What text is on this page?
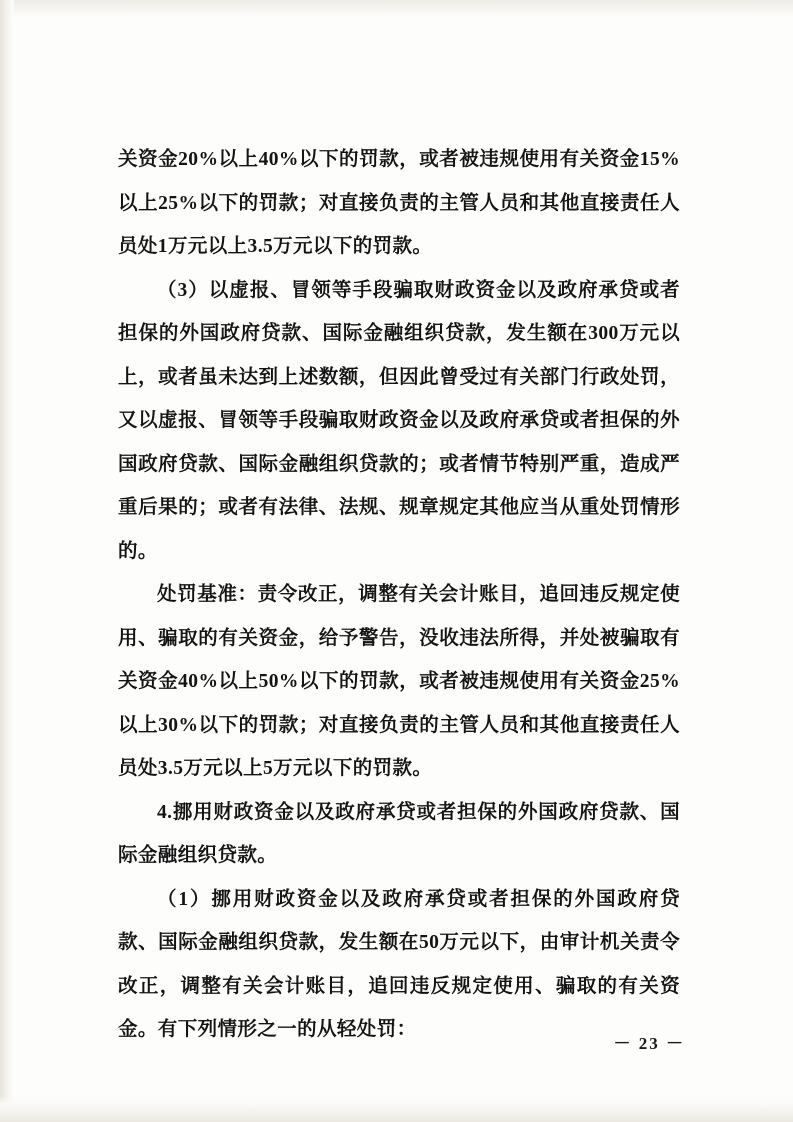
关资金20%以上40%以下的罚款，或者被违规使用有关资金15%以上25%以下的罚款；对直接负责的主管人员和其他直接责任人员处1万元以上3.5万元以下的罚款。

（3）以虚报、冒领等手段骗取财政资金以及政府承贷或者担保的外国政府贷款、国际金融组织贷款，发生额在300万元以上，或者虽未达到上述数额，但因此曾受过有关部门行政处罚，又以虚报、冒领等手段骗取财政资金以及政府承贷或者担保的外国政府贷款、国际金融组织贷款的；或者情节特别严重，造成严重后果的；或者有法律、法规、规章规定其他应当从重处罚情形的。

处罚基准：责令改正，调整有关会计账目，追回违反规定使用、骗取的有关资金，给予警告，没收违法所得，并处被骗取有关资金40%以上50%以下的罚款，或者被违规使用有关资金25%以上30%以下的罚款；对直接负责的主管人员和其他直接责任人员处3.5万元以上5万元以下的罚款。

4.挪用财政资金以及政府承贷或者担保的外国政府贷款、国际金融组织贷款。

（1）挪用财政资金以及政府承贷或者担保的外国政府贷款、国际金融组织贷款，发生额在50万元以下，由审计机关责令改正，调整有关会计账目，追回违反规定使用、骗取的有关资金。有下列情形之一的从轻处罚：

－ 23 －
